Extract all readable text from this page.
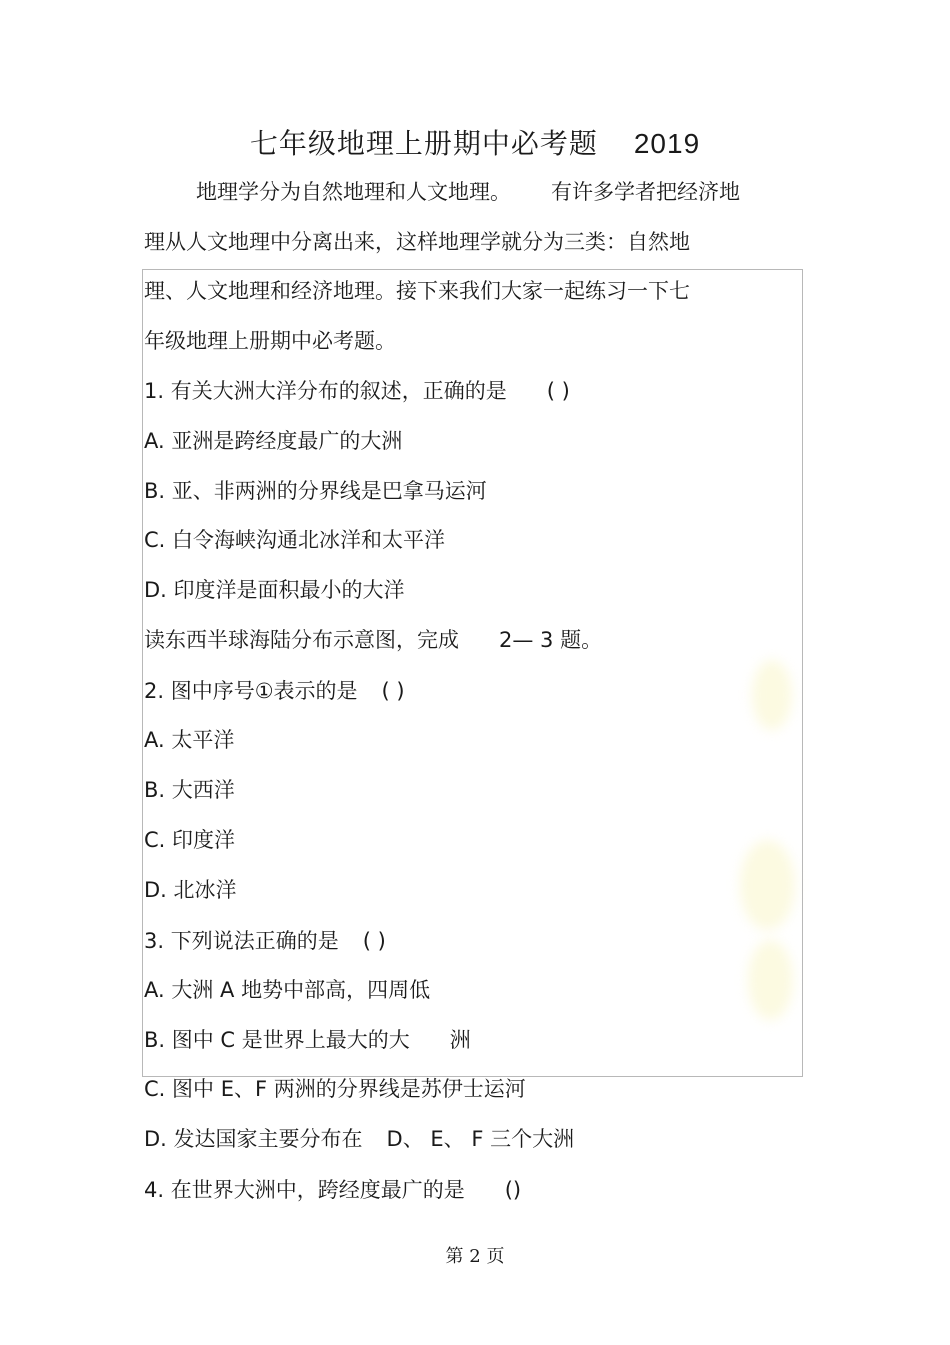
七年级地理上册期中必考题 2019
地理学分为自然地理和人文地理。 有许多学者把经济地
理从人文地理中分离出来，这样地理学就分为三类：自然地
理、人文地理和经济地理。接下来我们大家一起练习一下七
年级地理上册期中必考题。
1. 有关大洲大洋分布的叙述，正确的是 ( )
A. 亚洲是跨经度最广的大洲
B. 亚、非两洲的分界线是巴拿马运河
C. 白令海峡沟通北冰洋和太平洋
D. 印度洋是面积最小的大洋
读东西半球海陆分布示意图，完成 2— 3 题。
2. 图中序号①表示的是 ( )
A. 太平洋
B. 大西洋
C. 印度洋
D. 北冰洋
3. 下列说法正确的是 ( )
A. 大洲 A 地势中部高，四周低
B. 图中 C 是世界上最大的大 洲
C. 图中 E、F 两洲的分界线是苏伊士运河
D. 发达国家主要分布在 D、 E、 F 三个大洲
4. 在世界大洲中，跨经度最广的是 ()
第 2 页
